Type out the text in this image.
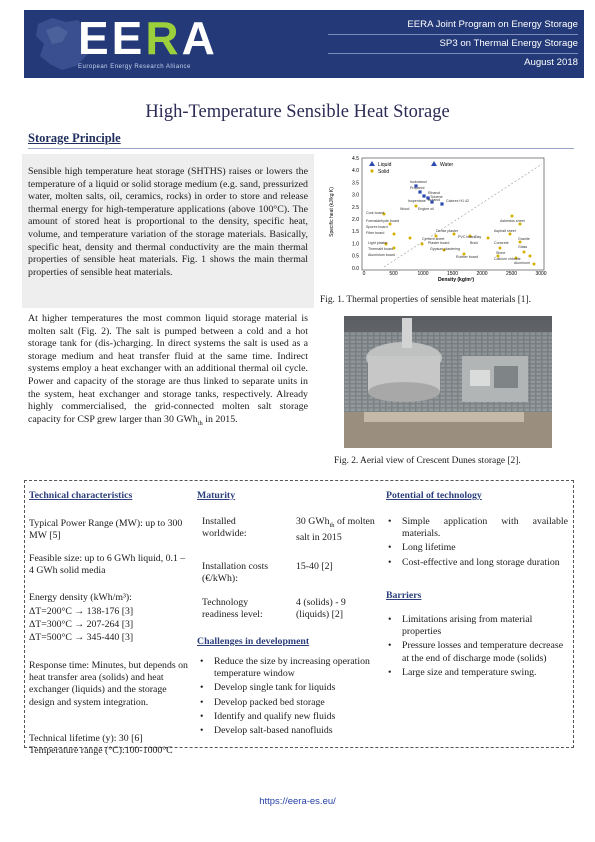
EERA
European Energy Research Alliance
EERA Joint Program on Energy Storage
SP3 on Thermal Energy Storage
August 2018
High-Temperature Sensible Heat Storage
Storage Principle

Sensible high temperature heat storage (SHTHS) raises or lowers the temperature of a liquid or solid storage medium (e.g. sand, pressurized water, molten salts, oil, ceramics, rocks) in order to store and release thermal energy for high-temperature applications (above 100°C). The amount of stored heat is proportional to the density, specific heat, volume, and temperature variation of the storage materials. Basically, specific heat, density and thermal conductivity are the main thermal properties of sensible heat materials. Fig. 1 shows the main thermal properties of sensible heat materials.

At higher temperatures the most common liquid storage material is molten salt (Fig. 2). The salt is pumped between a cold and a hot storage tank for (dis-)charging. In direct systems the salt is used as a storage medium and heat transfer fluid at the same time. Indirect systems employ a heat exchanger with an additional thermal oil cycle. Power and capacity of the storage are thus linked to separate units in the system, heat exchanger and storage tanks, respectively. Already highly commercialised, the grid-connected molten salt storage capacity for CSP grew larger than 30 GWh$_{th}$ in 2015.

Specific heat (kJ/kg K)
4.5
4.0
3.5
3.0
2.5
2.0
1.5
1.0
0.5
0.0
0	500	1000	1500	2000	2500	3000
Density (kg/m³)
Liquid
Solid
Water
Isobutanol
Propanol
Ethanol
Toluene
Butanol
Isopentane	Calorex H1.42
Engine oil
Wood
Cork board
Formaldehyde board
Sporex board
Fiber board
Light plaster
Aluminium board
Thermalit board
Dense plaster
Cement sheet
Plaster board
PVC board
Gypsum plastering
Brick
Clay
Asphalt sheet
Asbestos sheet
Concrete
Granite
Glass
Stone
Rubber board	Calcium chloride
Aluminum
Fig. 1. Thermal properties of sensible heat materials [1].
Fig. 2. Aerial view of Crescent Dunes storage [2].
Technical characteristics
Typical Power Range (MW): up to 300 MW [5]
Feasible size: up to 6 GWh liquid, 0.1 – 4 GWh solid media
Energy density (kWh/m³):
ΔT=200°C → 138-176 [3]
ΔT=300°C → 207-264 [3]
ΔT=500°C → 345-440 [3]
Response time: Minutes, but depends on heat transfer area (solids) and heat exchanger (liquids) and the storage design and system integration.
Technical lifetime (y): 30 [6]
Temperature range (°C):100-1000°C
Maturity
Installed worldwide:
30 GWh$_{th}$ of molten salt in 2015
Installation costs (€/kWh):
15-40 [2]
Technology readiness level:
4 (solids) - 9 (liquids) [2]
Challenges in development
• Reduce the size by increasing operation temperature window
• Develop single tank for liquids
• Develop packed bed storage
• Identify and qualify new fluids
• Develop salt-based nanofluids
Potential of technology
• Simple application with available materials.
• Long lifetime
• Cost-effective and long storage duration
Barriers
• Limitations arising from material properties
• Pressure losses and temperature decrease at the end of discharge mode (solids)
• Large size and temperature swing.
https://eera-es.eu/
